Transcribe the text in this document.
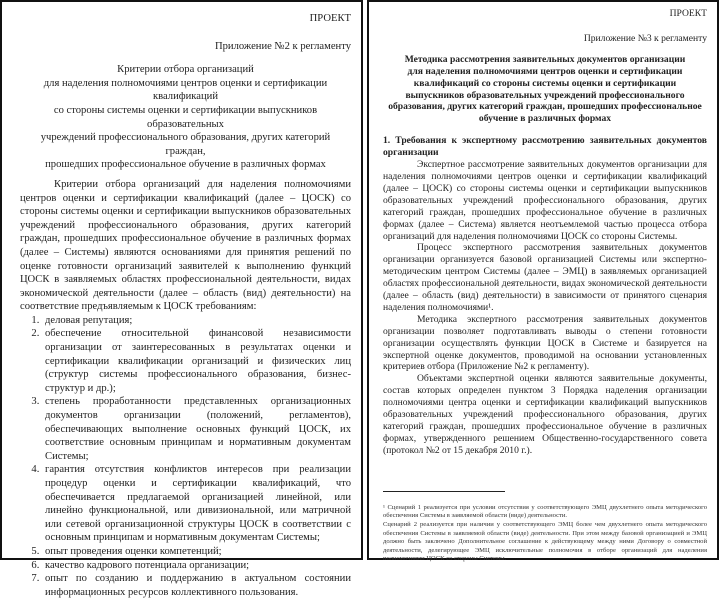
ПРОЕКТ
Приложение №2 к регламенту
Критерии отбора организаций
для наделения полномочиями центров оценки и сертификации квалификаций
со стороны системы оценки и сертификации выпускников образовательных
учреждений профессионального образования, других категорий граждан,
прошедших профессиональное обучение в различных формах
Критерии отбора организаций для наделения полномочиями центров оценки и сертификации квалификаций (далее – ЦОСК) со стороны системы оценки и сертификации выпускников образовательных учреждений профессионального образования, других категорий граждан, прошедших профессиональное обучение в различных формах (далее – Системы) являются основаниями для принятия решений по оценке готовности организаций заявителей к выполнению функций ЦОСК в заявляемых областях профессиональной деятельности, видах экономической деятельности (далее – область (вид) деятельности) на соответствие предъявляемым к ЦОСК требованиям:
1. деловая репутация;
2. обеспечение относительной финансовой независимости организации от заинтересованных в результатах оценки и сертификации квалификации организаций и физических лиц (структур системы профессионального образования, бизнес-структур и др.);
3. степень проработанности представленных организационных документов организации (положений, регламентов), обеспечивающих выполнение основных функций ЦОСК, их соответствие основным принципам и нормативным документам Системы;
4. гарантия отсутствия конфликтов интересов при реализации процедур оценки и сертификации квалификаций, что обеспечивается предлагаемой организацией линейной, или линейно функциональной, или дивизиональной, или матричной или сетевой организационной структуры ЦОСК в соответствии с основным принципам и нормативным документам Системы;
5. опыт проведения оценки компетенций;
6. качество кадрового потенциала организации;
7. опыт по созданию и поддержанию в актуальном состоянии информационных ресурсов коллективного пользования.
ПРОЕКТ
Приложение №3 к регламенту
Методика рассмотрения заявительных документов организации
для наделения полномочиями центров оценки и сертификации
квалификаций со стороны системы оценки и сертификации
выпускников образовательных учреждений профессионального
образования, других категорий граждан, прошедших профессиональное
обучение в различных формах
1. Требования к экспертному рассмотрению заявительных документов организации
Экспертное рассмотрение заявительных документов организации для наделения полномочиями центров оценки и сертификации квалификаций (далее – ЦОСК) со стороны системы оценки и сертификации выпускников образовательных учреждений профессионального образования, других категорий граждан, прошедших профессиональное обучение в различных формах (далее – Система) является неотъемлемой частью процесса отбора организаций для наделения полномочиями ЦОСК со стороны Системы.
Процесс экспертного рассмотрения заявительных документов организации организуется базовой организацией Системы или экспертно-методическим центром Системы (далее – ЭМЦ) в заявляемых организацией областях профессиональной деятельности, видах экономической деятельности (далее – область (вид) деятельности) в зависимости от принятого сценария наделения полномочиями¹.
Методика экспертного рассмотрения заявительных документов организации позволяет подготавливать выводы о степени готовности организации осуществлять функции ЦОСК в Системе и базируется на экспертной оценке документов, проводимой на основании установленных критериев отбора (Приложение №2 к регламенту).
Объектами экспертной оценки являются заявительные документы, состав которых определен пунктом 3 Порядка наделения организации полномочиями центра оценки и сертификации квалификаций выпускников образовательных учреждений профессионального образования, других категорий граждан, прошедших профессиональное обучение в различных формах, утвержденного решением Общественно-государственного совета (протокол №2 от 15 декабря 2010 г.).
¹ Сценарий 1 реализуется при условии отсутствия у соответствующего ЭМЦ двухлетнего опыта методического обеспечения Системы в заявляемой области (виде) деятельности.
Сценарий 2 реализуется при наличии у соответствующего ЭМЦ более чем двухлетнего опыта методического обеспечения Системы в заявляемой области (виде) деятельности. При этом между базовой организацией и ЭМЦ должно быть заключено Дополнительное соглашение к действующему между ними Договору о совместной деятельности, делегирующее ЭМЦ исключительные полномочия в отборе организаций для наделения полномочиями ЦОСК со стороны Системы.
